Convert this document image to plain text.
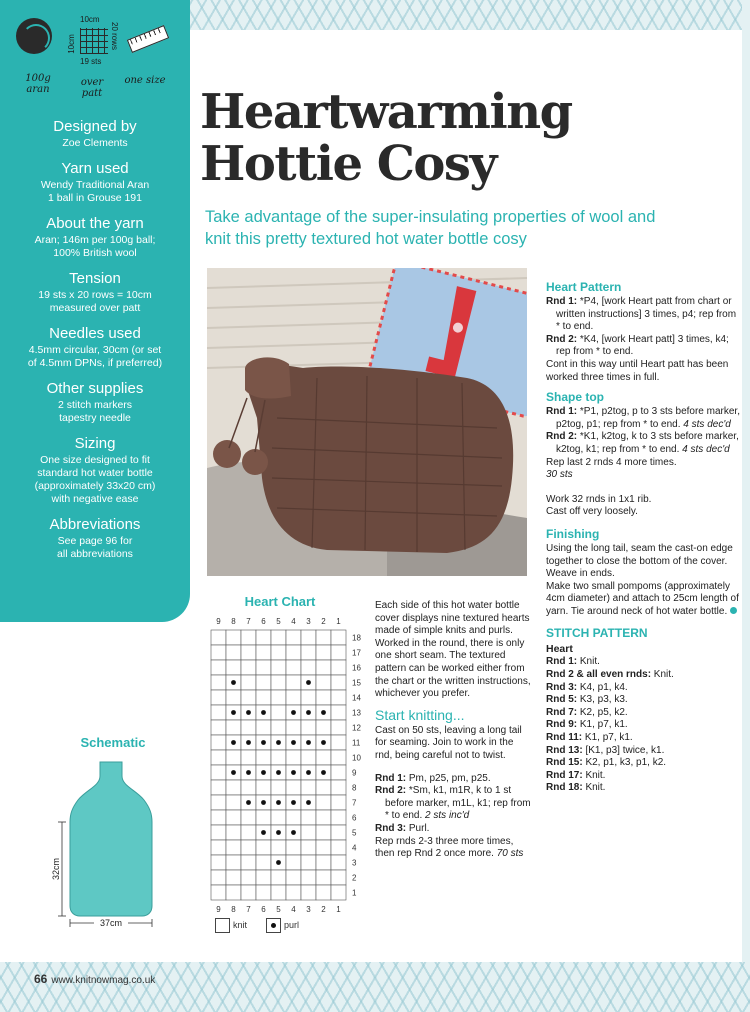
10cm
10cm	20 rows
19 sts
100g
aran
over
patt
one size
Designed by

Zoe Clements

Yarn used

Wendy Traditional Aran
1 ball in Grouse 191

About the yarn

Aran; 146m per 100g ball;
100% British wool

Tension

19 sts x 20 rows = 10cm
measured over patt

Needles used

4.5mm circular, 30cm (or set
of 4.5mm DPNs, if preferred)

Other supplies

2 stitch markers
tapestry needle

Sizing

One size designed to fit
standard hot water bottle
(approximately 33x20 cm)
with negative ease

Abbreviations

See page 96 for
all abbreviations

Schematic
32cm
37cm
Heartwarming
Hottie Cosy

Take advantage of the super-insulating properties of wool and knit this pretty textured hot water bottle cosy

Heart Pattern

Rnd 1: *P4, [work Heart patt from chart or written instructions] 3 times, p4; rep from * to end.

Rnd 2: *K4, [work Heart patt] 3 times, k4; rep from * to end.

Cont in this way until Heart patt has been worked three times in full.

Shape top

Rnd 1: *P1, p2tog, p to 3 sts before marker, p2tog, p1; rep from * to end. 4 sts dec'd

Rnd 2: *K1, k2tog, k to 3 sts before marker, k2tog, k1; rep from * to end. 4 sts dec'd

Rep last 2 rnds 4 more times.

30 sts

Work 32 rnds in 1x1 rib.

Cast off very loosely.

Finishing

Using the long tail, seam the cast-on edge together to close the bottom of the cover. Weave in ends.

Make two small pompoms (approximately 4cm diameter) and attach to 25cm length of yarn. Tie around neck of hot water bottle.

STITCH PATTERN
Heart

Rnd 1: Knit.

Rnd 2 & all even rnds: Knit.

Rnd 3: K4, p1, k4.

Rnd 5: K3, p3, k3.

Rnd 7: K2, p5, k2.

Rnd 9: K1, p7, k1.

Rnd 11: K1, p7, k1.

Rnd 13: [K1, p3] twice, k1.

Rnd 15: K2, p1, k3, p1, k2.

Rnd 17: Knit.

Rnd 18: Knit.

Each side of this hot water bottle cover displays nine textured hearts made of simple knits and purls. Worked in the round, there is only one short seam. The textured pattern can be worked either from the chart or the written instructions, whichever you prefer.

Start knitting...

Cast on 50 sts, leaving a long tail for seaming. Join to work in the rnd, being careful not to twist.

Rnd 1: Pm, p25, pm, p25.

Rnd 2: *Sm, k1, m1R, k to 1 st before marker, m1L, k1; rep from * to end. 2 sts inc'd

Rnd 3: Purl.

Rep rnds 2-3 three more times, then rep Rnd 2 once more. 70 sts

Heart Chart
9
9
8
8
7
7
6
6
5
5
4
4
3
3
2
2
1
1
18
17
16
15
14
13
12
11
10
9
8
7
6
5
4
3
2
1
knit	purl
66 www.knitnowmag.co.uk
